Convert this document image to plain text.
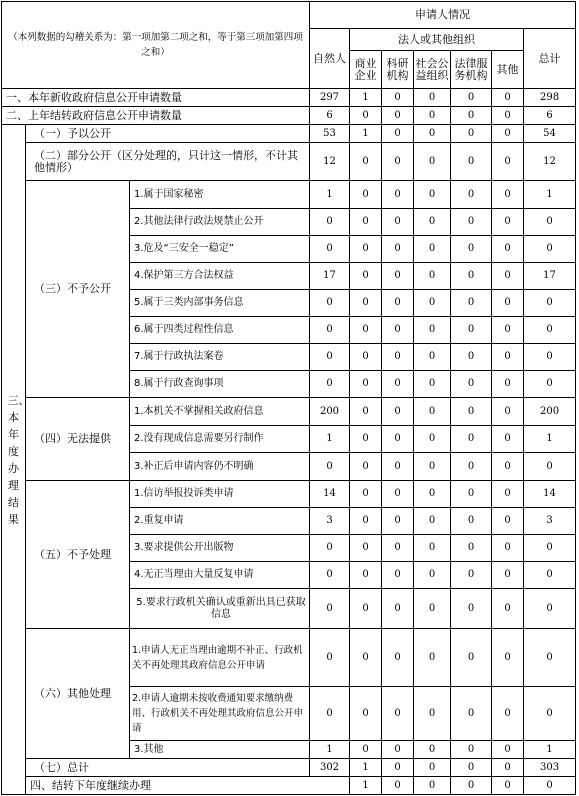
（本列数据的勾稽关系为：第一项加第二项之和，等于第三项加第四项之和）			申请人情况							
			自然人	法人或其他组织					总计	
				商业企业	科研机构	社会公益组织	法律服务机构	其他		
一、本年新收政府信息公开申请数量			297	1	0	0	0	0	298	
二、上年结转政府信息公开申请数量			6	0	0	0	0	0	6	
三、本年度办理结果	（一）予以公开		53	1	0	0	0	0	54	
	（二）部分公开（区分处理的，只计这一情形，不计其他情形）		12	0	0	0	0	0	12	
	（三）不予公开	1.属于国家秘密	1	0	0	0	0	0	1	
		2.其他法律行政法规禁止公开	0	0	0	0	0	0	0	
		3.危及“三安全一稳定”	0	0	0	0	0	0	0	
		4.保护第三方合法权益	17	0	0	0	0	0	17	
		5.属于三类内部事务信息	0	0	0	0	0	0	0	
		6.属于四类过程性信息	0	0	0	0	0	0	0	
		7.属于行政执法案卷	0	0	0	0	0	0	0	
		8.属于行政查询事项	0	0	0	0	0	0	0	
	（四）无法提供	1.本机关不掌握相关政府信息	200	0	0	0	0	0	200	
		2.没有现成信息需要另行制作	1	0	0	0	0	0	1	
		3.补正后申请内容仍不明确	0	0	0	0	0	0	0	
	（五）不予处理	1.信访举报投诉类申请	14	0	0	0	0	0	14	
		2.重复申请	3	0	0	0	0	0	3	
		3.要求提供公开出版物	0	0	0	0	0	0	0	
		4.无正当理由大量反复申请	0	0	0	0	0	0	0	
		5.要求行政机关确认或重新出具已获取信息	0	0	0	0	0	0	0	
	（六）其他处理	1.申请人无正当理由逾期不补正、行政机关不再处理其政府信息公开申请	0	0	0	0	0	0	0	
		2.申请人逾期未按收费通知要求缴纳费用、行政机关不再处理其政府信息公开申请	0	0	0	0	0	0	0	
		3.其他	1	0	0	0	0	0	1	
	（七）总计		302	1	0	0	0	0	303	
	四、结转下年度继续办理			1	0	0	0	0	0	
